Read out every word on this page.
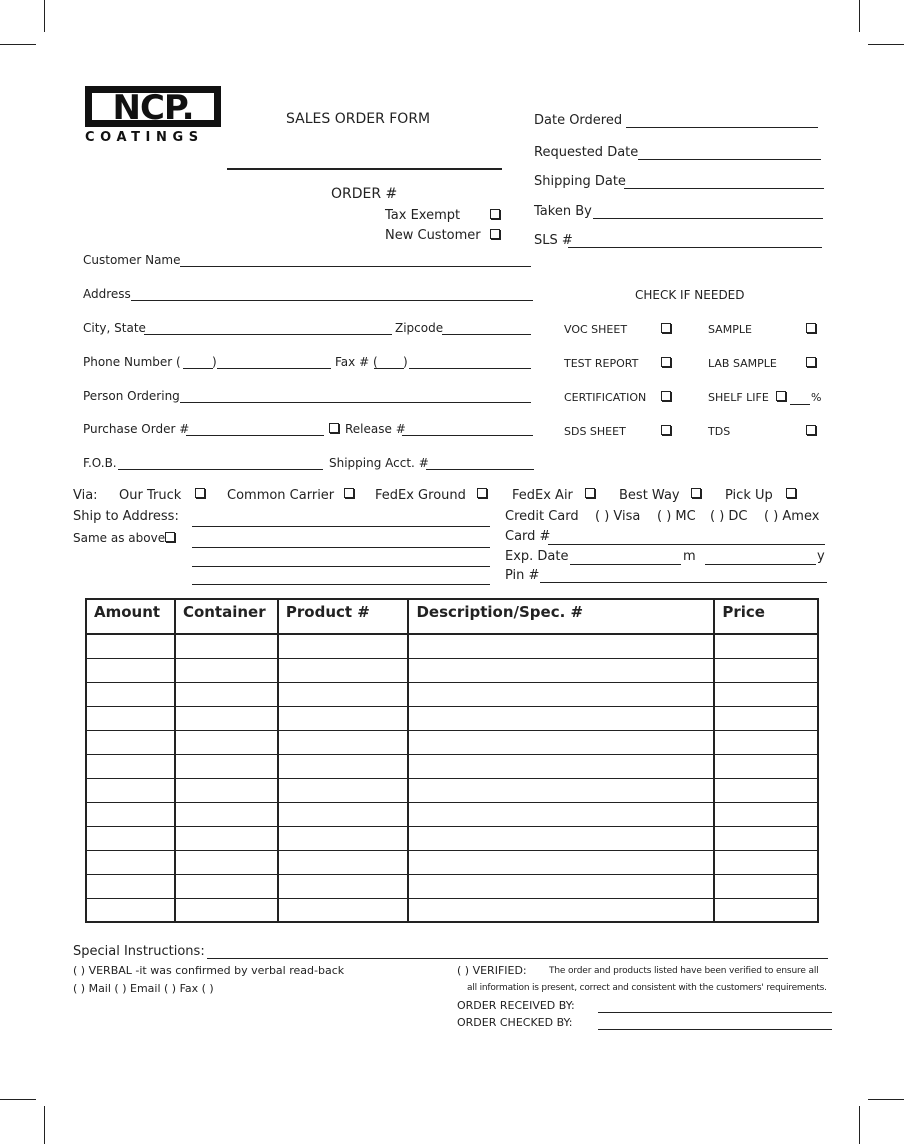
NCP.
COATINGS
SALES ORDER FORM
ORDER #
Tax Exempt
New Customer
Date Ordered
Requested Date
Shipping Date
Taken By
SLS #
Customer Name
Address
City, State	Zipcode
Phone Number (	)	Fax # ( )
Person Ordering
Purchase Order #	Release #
F.O.B.	Shipping Acct. #
CHECK IF NEEDED
VOC SHEET	SAMPLE
TEST REPORT	LAB SAMPLE
CERTIFICATION	SHELF LIFE	%
SDS SHEET	TDS
Via: Our Truck	Common Carrier	FedEx Ground	FedEx Air	Best Way	Pick Up
Ship to Address:
Same as above
Credit Card ( ) Visa ( ) MC ( ) DC ( ) Amex
Card #
Exp. Date	m	y
Pin #
Amount	Container	Product #	Description/Spec. #	Price

Special Instructions:
( ) VERBAL -it was confirmed by verbal read-back
( ) Mail ( ) Email ( ) Fax ( )
( ) VERIFIED: The order and products listed have been verified to ensure all
all information is present, correct and consistent with the customers' requirements.
ORDER RECEIVED BY:
ORDER CHECKED BY:
